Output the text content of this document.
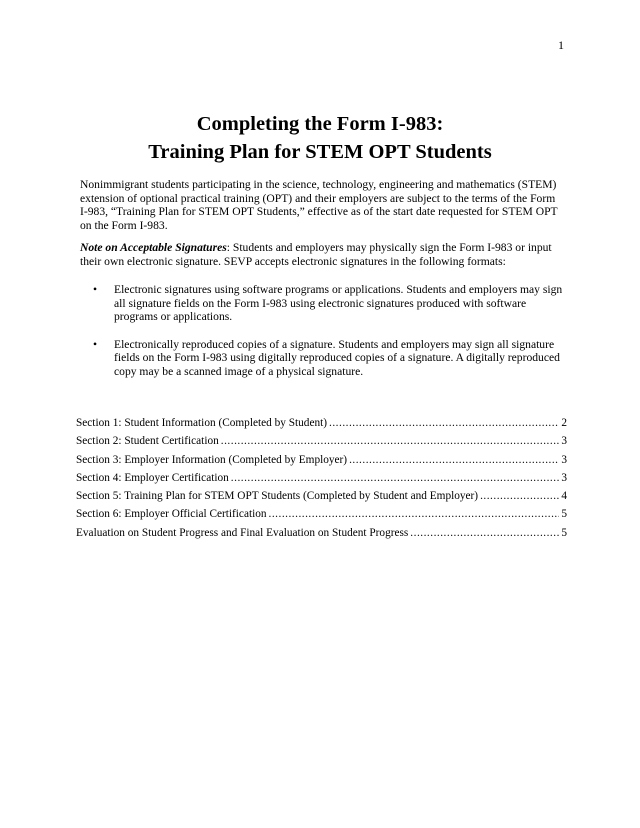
1
Completing the Form I-983:
Training Plan for STEM OPT Students

Nonimmigrant students participating in the science, technology, engineering and mathematics (STEM) extension of optional practical training (OPT) and their employers are subject to the terms of the Form I-983, “Training Plan for STEM OPT Students,” effective as of the start date requested for STEM OPT on the Form I-983.

Note on Acceptable Signatures: Students and employers may physically sign the Form I-983 or input their own electronic signature. SEVP accepts electronic signatures in the following formats:

• Electronic signatures using software programs or applications. Students and employers may sign all signature fields on the Form I-983 using electronic signatures produced with software programs or applications.
• Electronically reproduced copies of a signature. Students and employers may sign all signature fields on the Form I-983 using digitally reproduced copies of a signature. A digitally reproduced copy may be a scanned image of a physical signature.
Section 1: Student Information (Completed by Student) .....	2
Section 2: Student Certification .....	3
Section 3: Employer Information (Completed by Employer) .....	3
Section 4: Employer Certification .....	3
Section 5: Training Plan for STEM OPT Students (Completed by Student and Employer) .....	4
Section 6: Employer Official Certification .....	5
Evaluation on Student Progress and Final Evaluation on Student Progress .....	5
